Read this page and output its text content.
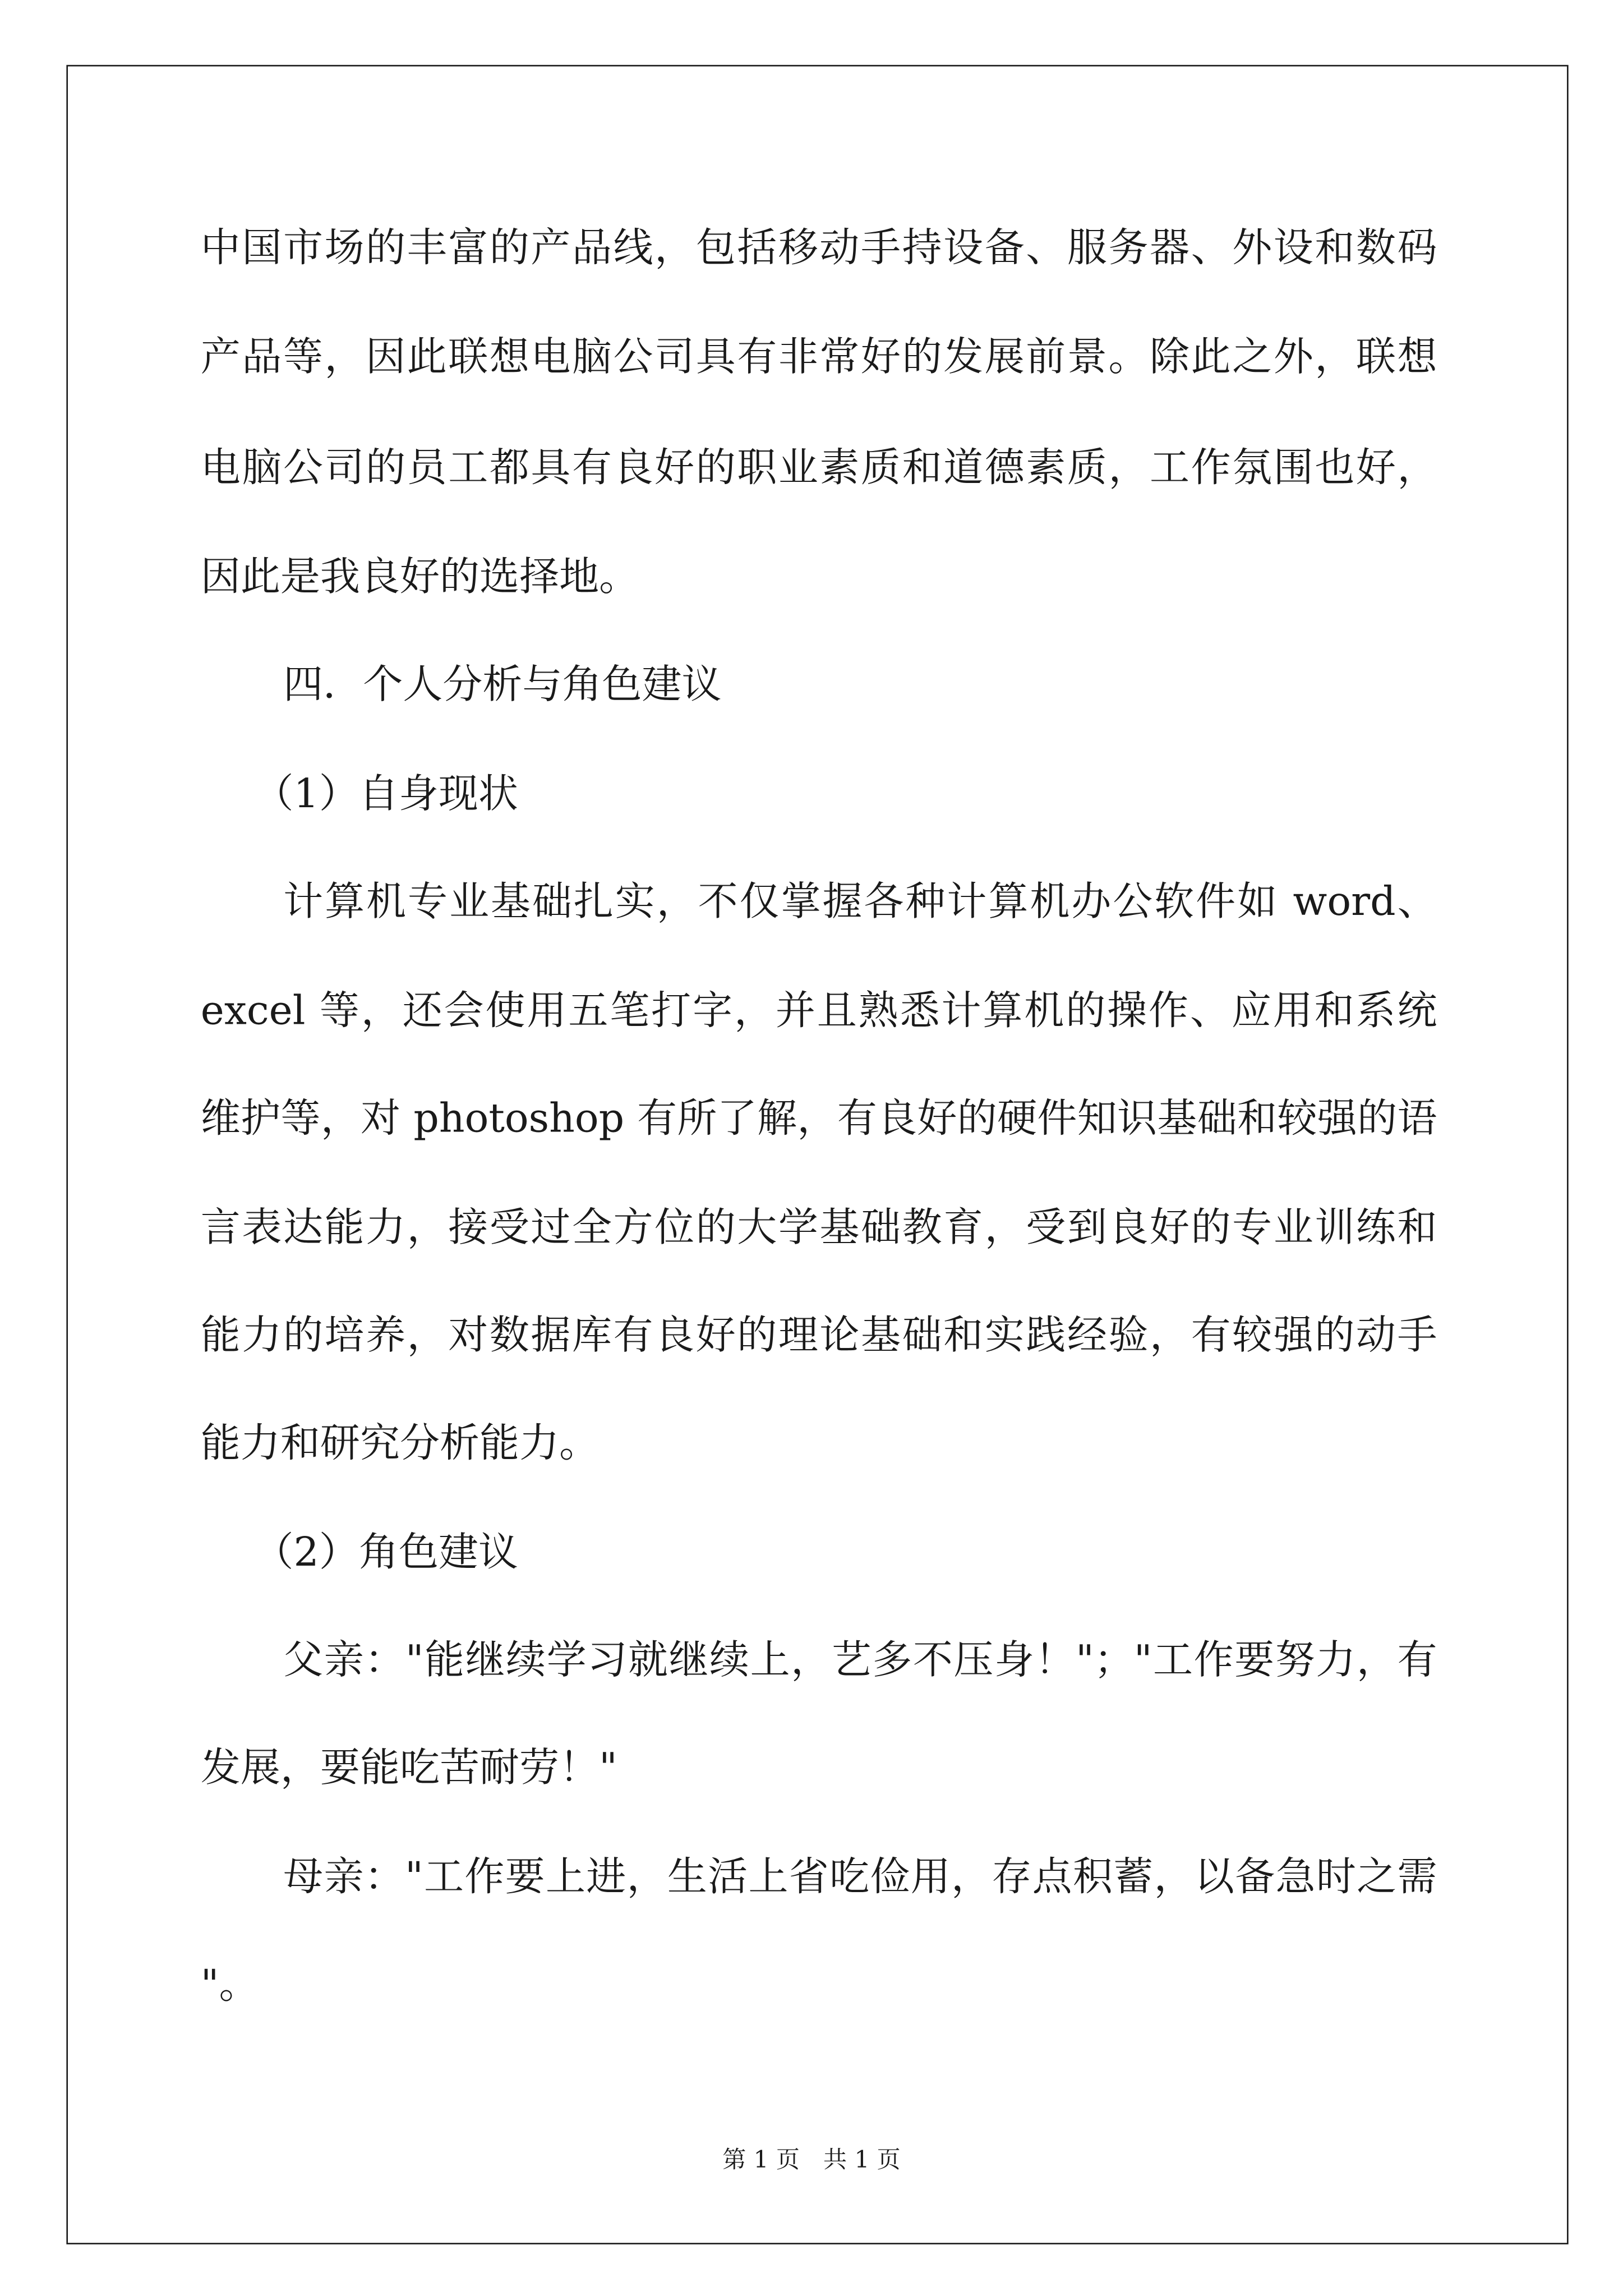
中国市场的丰富的产品线，包括移动手持设备、服务器、外设和数码

产品等，因此联想电脑公司具有非常好的发展前景。除此之外，联想

电脑公司的员工都具有良好的职业素质和道德素质，工作氛围也好，

因此是我良好的选择地。

四．个人分析与角色建议

（1）自身现状

计算机专业基础扎实，不仅掌握各种计算机办公软件如 word、

excel 等，还会使用五笔打字，并且熟悉计算机的操作、应用和系统

维护等，对 photoshop 有所了解，有良好的硬件知识基础和较强的语

言表达能力，接受过全方位的大学基础教育，受到良好的专业训练和

能力的培养，对数据库有良好的理论基础和实践经验，有较强的动手

能力和研究分析能力。

（2）角色建议

父亲："能继续学习就继续上，艺多不压身！"；"工作要努力，有

发展，要能吃苦耐劳！"

母亲："工作要上进，生活上省吃俭用，存点积蓄，以备急时之需

"。

第 1 页　共 1 页
